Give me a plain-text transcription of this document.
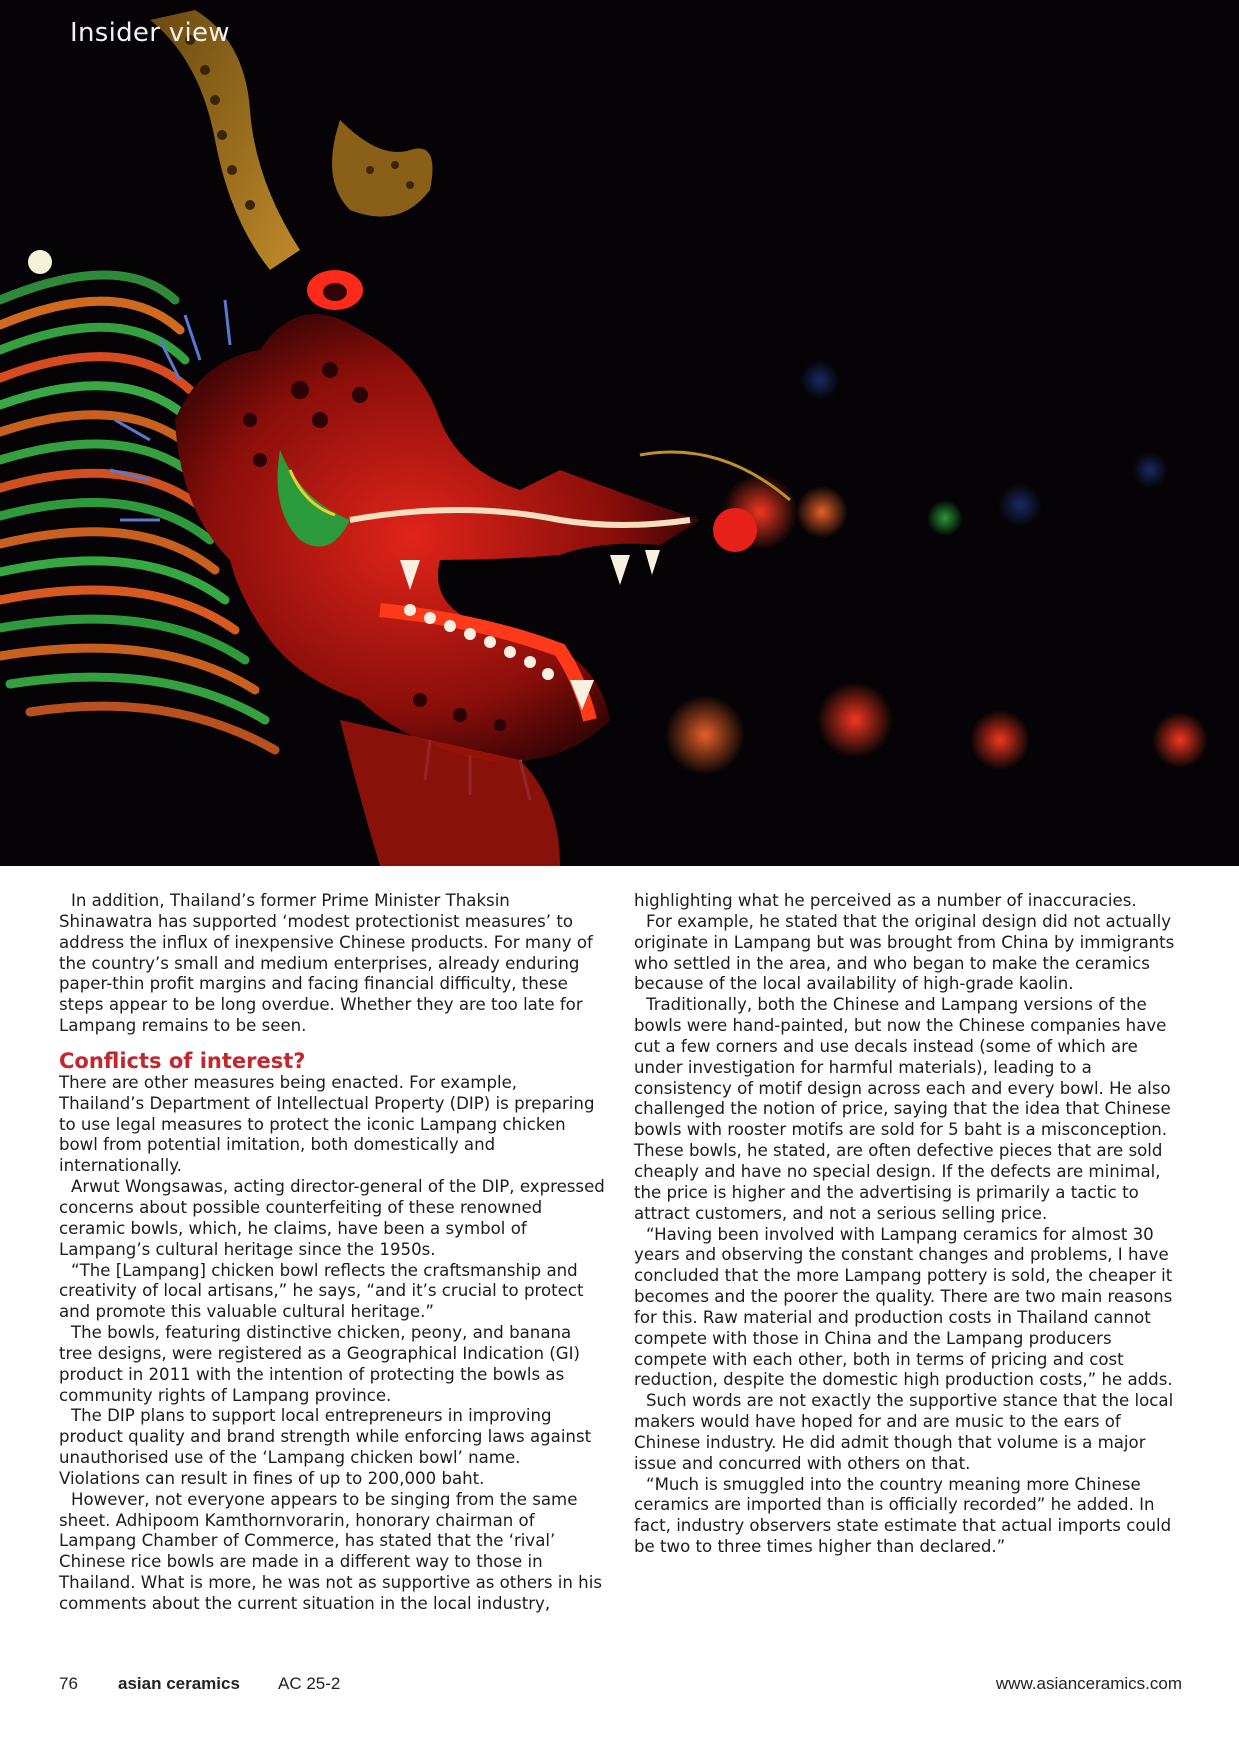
Insider view

In addition, Thailand’s former Prime Minister Thaksin Shinawatra has supported ‘modest protectionist measures’ to address the influx of inexpensive Chinese products. For many of the country’s small and medium enterprises, already enduring paper-thin profit margins and facing financial difficulty, these steps appear to be long overdue. Whether they are too late for Lampang remains to be seen.

Conflicts of interest?

There are other measures being enacted. For example, Thailand’s Department of Intellectual Property (DIP) is preparing to use legal measures to protect the iconic Lampang chicken bowl from potential imitation, both domestically and internationally.

Arwut Wongsawas, acting director-general of the DIP, expressed concerns about possible counterfeiting of these renowned ceramic bowls, which, he claims, have been a symbol of Lampang’s cultural heritage since the 1950s.

“The [Lampang] chicken bowl reflects the craftsmanship and creativity of local artisans,” he says, “and it’s crucial to protect and promote this valuable cultural heritage.”

The bowls, featuring distinctive chicken, peony, and banana tree designs, were registered as a Geographical Indication (GI) product in 2011 with the intention of protecting the bowls as community rights of Lampang province.

The DIP plans to support local entrepreneurs in improving product quality and brand strength while enforcing laws against unauthorised use of the ‘Lampang chicken bowl’ name. Violations can result in fines of up to 200,000 baht.

However, not everyone appears to be singing from the same sheet. Adhipoom Kamthornvorarin, honorary chairman of Lampang Chamber of Commerce, has stated that the ‘rival’ Chinese rice bowls are made in a different way to those in Thailand. What is more, he was not as supportive as others in his comments about the current situation in the local industry,

highlighting what he perceived as a number of inaccuracies.

For example, he stated that the original design did not actually originate in Lampang but was brought from China by immigrants who settled in the area, and who began to make the ceramics because of the local availability of high-grade kaolin.

Traditionally, both the Chinese and Lampang versions of the bowls were hand-painted, but now the Chinese companies have cut a few corners and use decals instead (some of which are under investigation for harmful materials), leading to a consistency of motif design across each and every bowl. He also challenged the notion of price, saying that the idea that Chinese bowls with rooster motifs are sold for 5 baht is a misconception. These bowls, he stated, are often defective pieces that are sold cheaply and have no special design. If the defects are minimal, the price is higher and the advertising is primarily a tactic to attract customers, and not a serious selling price.

“Having been involved with Lampang ceramics for almost 30 years and observing the constant changes and problems, I have concluded that the more Lampang pottery is sold, the cheaper it becomes and the poorer the quality. There are two main reasons for this. Raw material and production costs in Thailand cannot compete with those in China and the Lampang producers compete with each other, both in terms of pricing and cost reduction, despite the domestic high production costs,” he adds.

Such words are not exactly the supportive stance that the local makers would have hoped for and are music to the ears of Chinese industry. He did admit though that volume is a major issue and concurred with others on that.

“Much is smuggled into the country meaning more Chinese ceramics are imported than is officially recorded” he added. In fact, industry observers state estimate that actual imports could be two to three times higher than declared.”

76 asian ceramics AC 25-2	www.asianceramics.com
